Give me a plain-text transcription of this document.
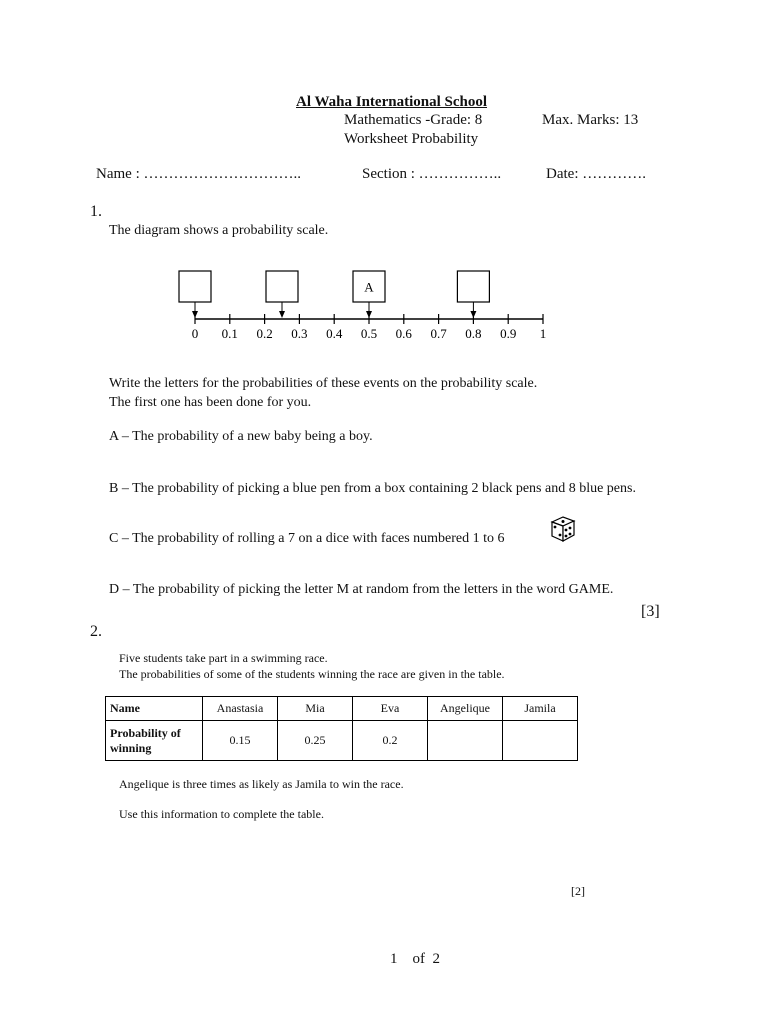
Al Waha International School
Mathematics -Grade: 8	Max. Marks: 13
Worksheet Probability
Name : …………………………..	Section : ……………..	Date: ………….
1.
The diagram shows a probability scale.
A
0 0.1 0.2 0.3 0.4 0.5 0.6 0.7 0.8 0.9 1
Write the letters for the probabilities of these events on the probability scale.
The first one has been done for you.
A – The probability of a new baby being a boy.
B – The probability of picking a blue pen from a box containing 2 black pens and 8 blue pens.
C – The probability of rolling a 7 on a dice with faces numbered 1 to 6
D – The probability of picking the letter M at random from the letters in the word GAME.
[3]
2.
Five students take part in a swimming race.
The probabilities of some of the students winning the race are given in the table.
Name	Anastasia	Mia	Eva	Angelique	Jamila
Probability of winning	0.15	0.25	0.2		
Angelique is three times as likely as Jamila to win the race.
Use this information to complete the table.
[2]
1    of  2
